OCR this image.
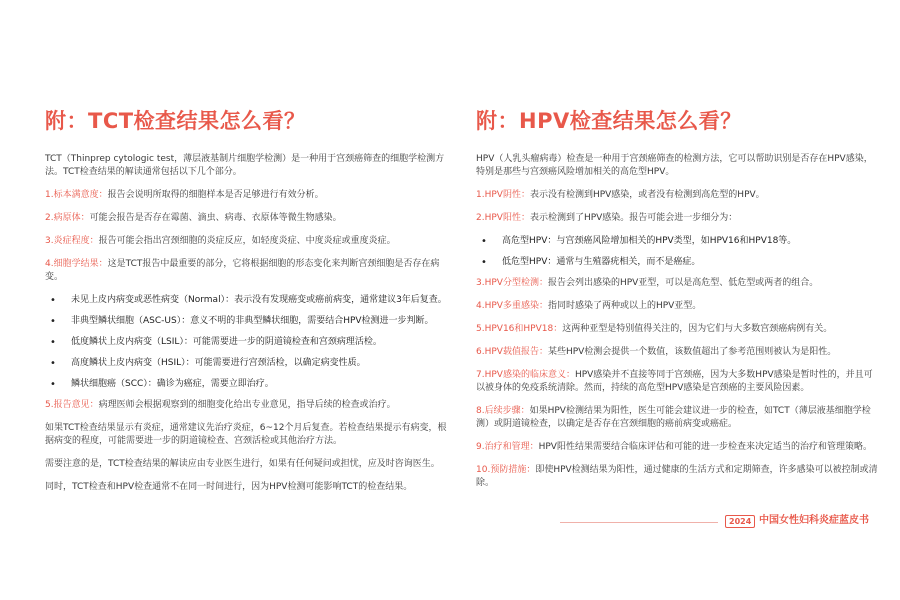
附：TCT检查结果怎么看？

TCT（Thinprep cytologic test，薄层液基制片细胞学检测）是一种用于宫颈癌筛查的细胞学检测方法。TCT检查结果的解读通常包括以下几个部分。

1.标本满意度：报告会说明所取得的细胞样本是否足够进行有效分析。

2.病原体：可能会报告是否存在霉菌、滴虫、病毒、衣原体等微生物感染。

3.炎症程度：报告可能会指出宫颈细胞的炎症反应，如轻度炎症、中度炎症或重度炎症。

4.细胞学结果：这是TCT报告中最重要的部分，它将根据细胞的形态变化来判断宫颈细胞是否存在病变。

• 未见上皮内病变或恶性病变（Normal）：表示没有发现癌变或癌前病变，通常建议3年后复查。
• 非典型鳞状细胞（ASC-US）：意义不明的非典型鳞状细胞，需要结合HPV检测进一步判断。
• 低度鳞状上皮内病变（LSIL）：可能需要进一步的阴道镜检查和宫颈病理活检。
• 高度鳞状上皮内病变（HSIL）：可能需要进行宫颈活检，以确定病变性质。
• 鳞状细胞癌（SCC）：确诊为癌症，需要立即治疗。

5.报告意见：病理医师会根据观察到的细胞变化给出专业意见，指导后续的检查或治疗。

如果TCT检查结果显示有炎症，通常建议先治疗炎症，6~12个月后复查。若检查结果提示有病变，根据病变的程度，可能需要进一步的阴道镜检查、宫颈活检或其他治疗方法。

需要注意的是，TCT检查结果的解读应由专业医生进行，如果有任何疑问或担忧，应及时咨询医生。

同时，TCT检查和HPV检查通常不在同一时间进行，因为HPV检测可能影响TCT的检查结果。

附：HPV检查结果怎么看？

HPV（人乳头瘤病毒）检查是一种用于宫颈癌筛查的检测方法，它可以帮助识别是否存在HPV感染，特别是那些与宫颈癌风险增加相关的高危型HPV。

1.HPV阴性：表示没有检测到HPV感染，或者没有检测到高危型的HPV。

2.HPV阳性：表示检测到了HPV感染。报告可能会进一步细分为：

• 高危型HPV：与宫颈癌风险增加相关的HPV类型，如HPV16和HPV18等。
• 低危型HPV：通常与生殖器疣相关，而不是癌症。

3.HPV分型检测：报告会列出感染的HPV亚型，可以是高危型、低危型或两者的组合。

4.HPV多重感染：指同时感染了两种或以上的HPV亚型。

5.HPV16和HPV18：这两种亚型是特别值得关注的，因为它们与大多数宫颈癌病例有关。

6.HPV载值报告：某些HPV检测会提供一个数值，该数值超出了参考范围则被认为是阳性。

7.HPV感染的临床意义：HPV感染并不直接等同于宫颈癌，因为大多数HPV感染是暂时性的，并且可以被身体的免疫系统清除。然而，持续的高危型HPV感染是宫颈癌的主要风险因素。

8.后续步骤：如果HPV检测结果为阳性，医生可能会建议进一步的检查，如TCT（薄层液基细胞学检测）或阴道镜检查，以确定是否存在宫颈细胞的癌前病变或癌症。

9.治疗和管理：HPV阳性结果需要结合临床评估和可能的进一步检查来决定适当的治疗和管理策略。

10.预防措施：即使HPV检测结果为阳性，通过健康的生活方式和定期筛查，许多感染可以被控制或清除。

2024 中国女性妇科炎症蓝皮书
